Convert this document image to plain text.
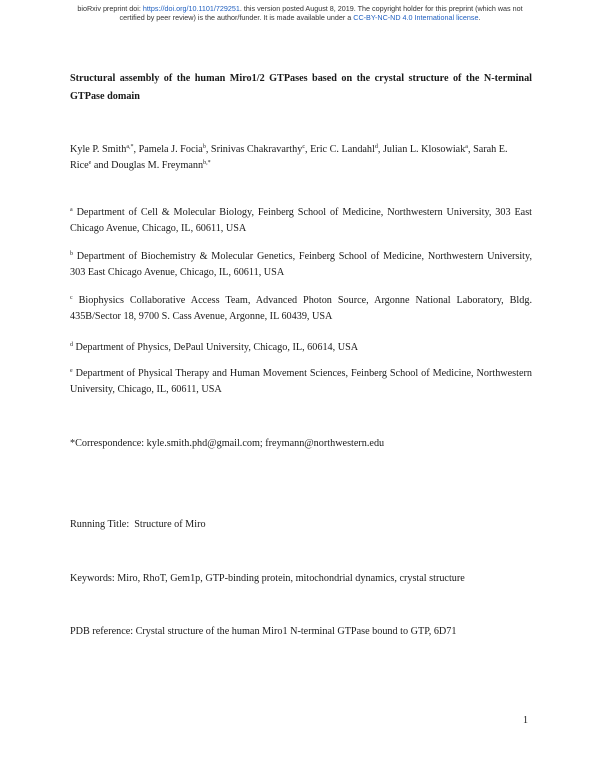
bioRxiv preprint doi: https://doi.org/10.1101/729251. this version posted August 8, 2019. The copyright holder for this preprint (which was not
certified by peer review) is the author/funder. It is made available under a CC-BY-NC-ND 4.0 International license.
Structural assembly of the human Miro1/2 GTPases based on the crystal structure of the N-terminal GTPase domain
Kyle P. Smith$^{a,*}$, Pamela J. Focia$^b$, Srinivas Chakravarthy$^c$, Eric C. Landahl$^d$, Julian L. Klosowiak$^a$, Sarah E. Rice$^e$ and Douglas M. Freymann$^{b,*}$
$^a$ Department of Cell & Molecular Biology, Feinberg School of Medicine, Northwestern University, 303 East Chicago Avenue, Chicago, IL, 60611, USA
$^b$ Department of Biochemistry & Molecular Genetics, Feinberg School of Medicine, Northwestern University, 303 East Chicago Avenue, Chicago, IL, 60611, USA
$^c$ Biophysics Collaborative Access Team, Advanced Photon Source, Argonne National Laboratory, Bldg. 435B/Sector 18, 9700 S. Cass Avenue, Argonne, IL 60439, USA
$^d$ Department of Physics, DePaul University, Chicago, IL, 60614, USA
$^e$ Department of Physical Therapy and Human Movement Sciences, Feinberg School of Medicine, Northwestern University, Chicago, IL, 60611, USA
*Correspondence: kyle.smith.phd@gmail.com; freymann@northwestern.edu
Running Title:  Structure of Miro
Keywords: Miro, RhoT, Gem1p, GTP-binding protein, mitochondrial dynamics, crystal structure
PDB reference: Crystal structure of the human Miro1 N-terminal GTPase bound to GTP, 6D71
1
